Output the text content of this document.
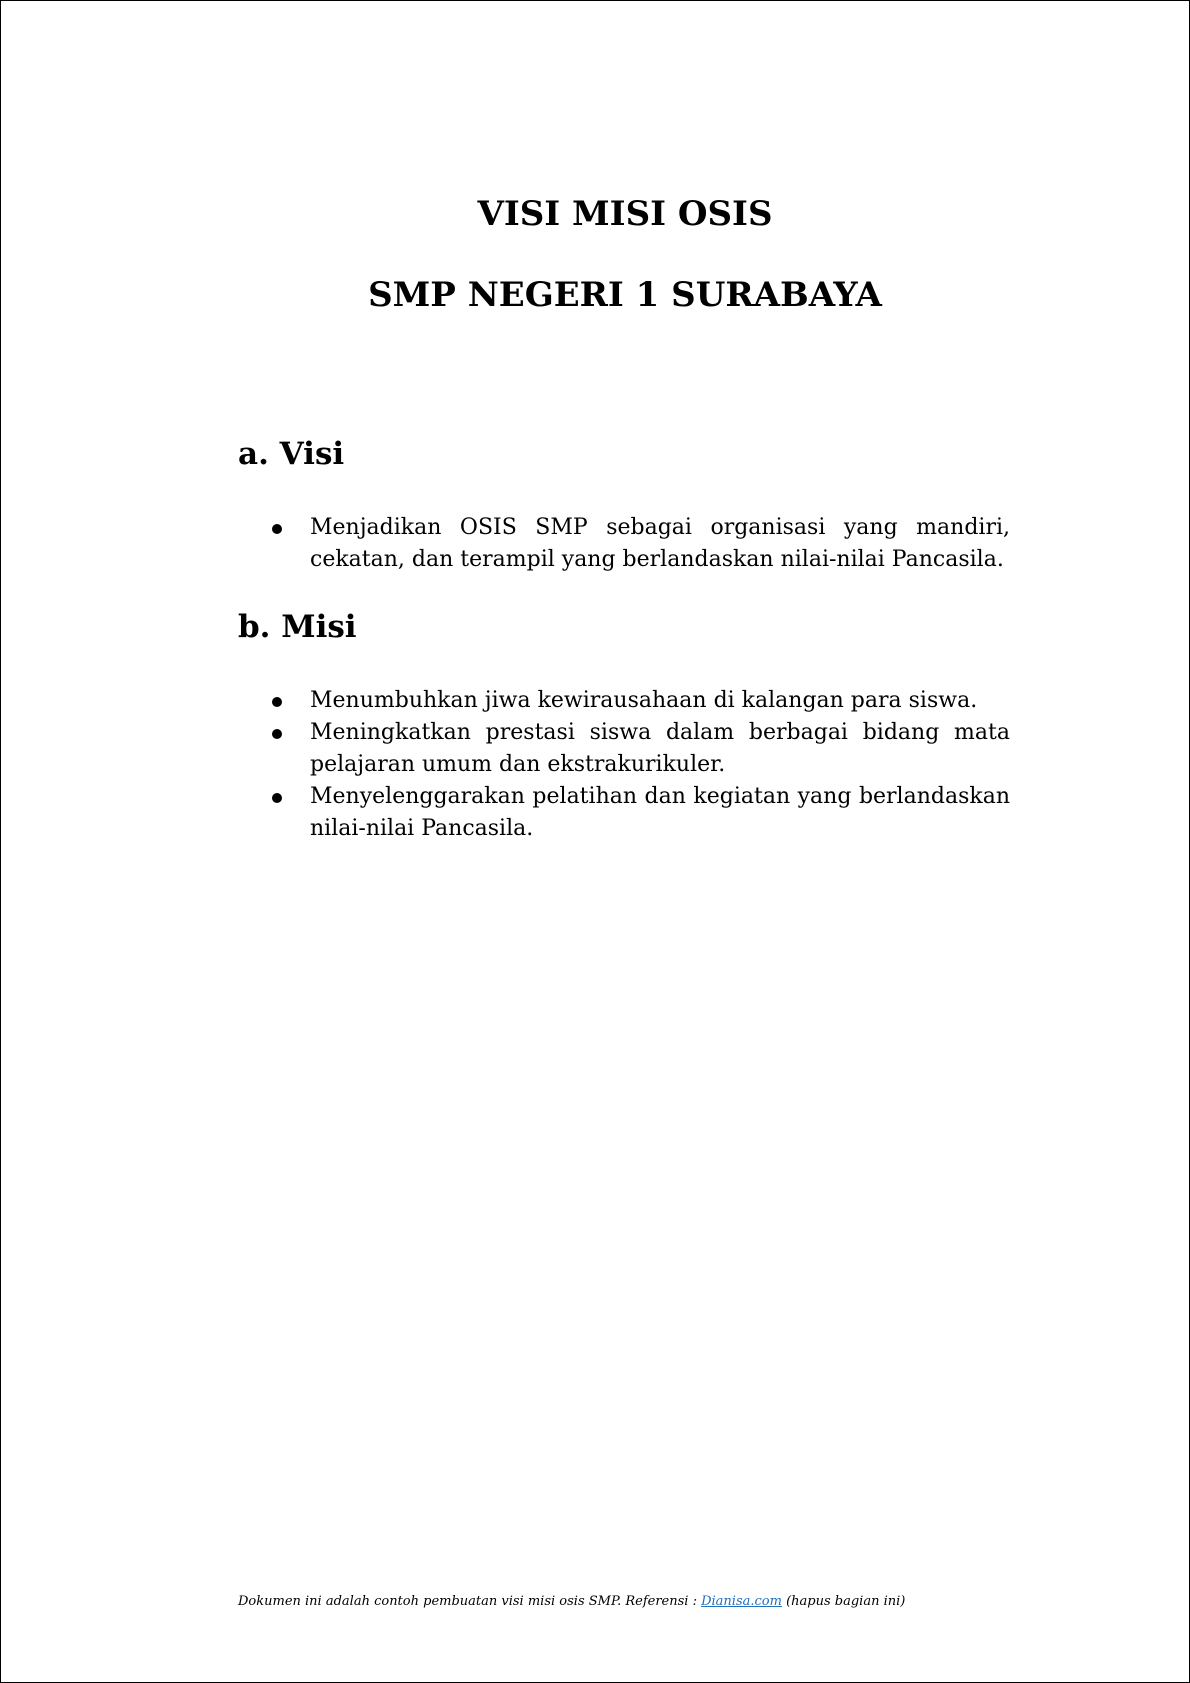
VISI MISI OSIS
SMP NEGERI 1 SURABAYA
a. Visi
Menjadikan OSIS SMP sebagai organisasi yang mandiri, cekatan, dan terampil yang berlandaskan nilai-nilai Pancasila.
b. Misi
Menumbuhkan jiwa kewirausahaan di kalangan para siswa.
Meningkatkan prestasi siswa dalam berbagai bidang mata pelajaran umum dan ekstrakurikuler.
Menyelenggarakan pelatihan dan kegiatan yang berlandaskan nilai-nilai Pancasila.

Dokumen ini adalah contoh pembuatan visi misi osis SMP. Referensi : Dianisa.com (hapus bagian ini)
